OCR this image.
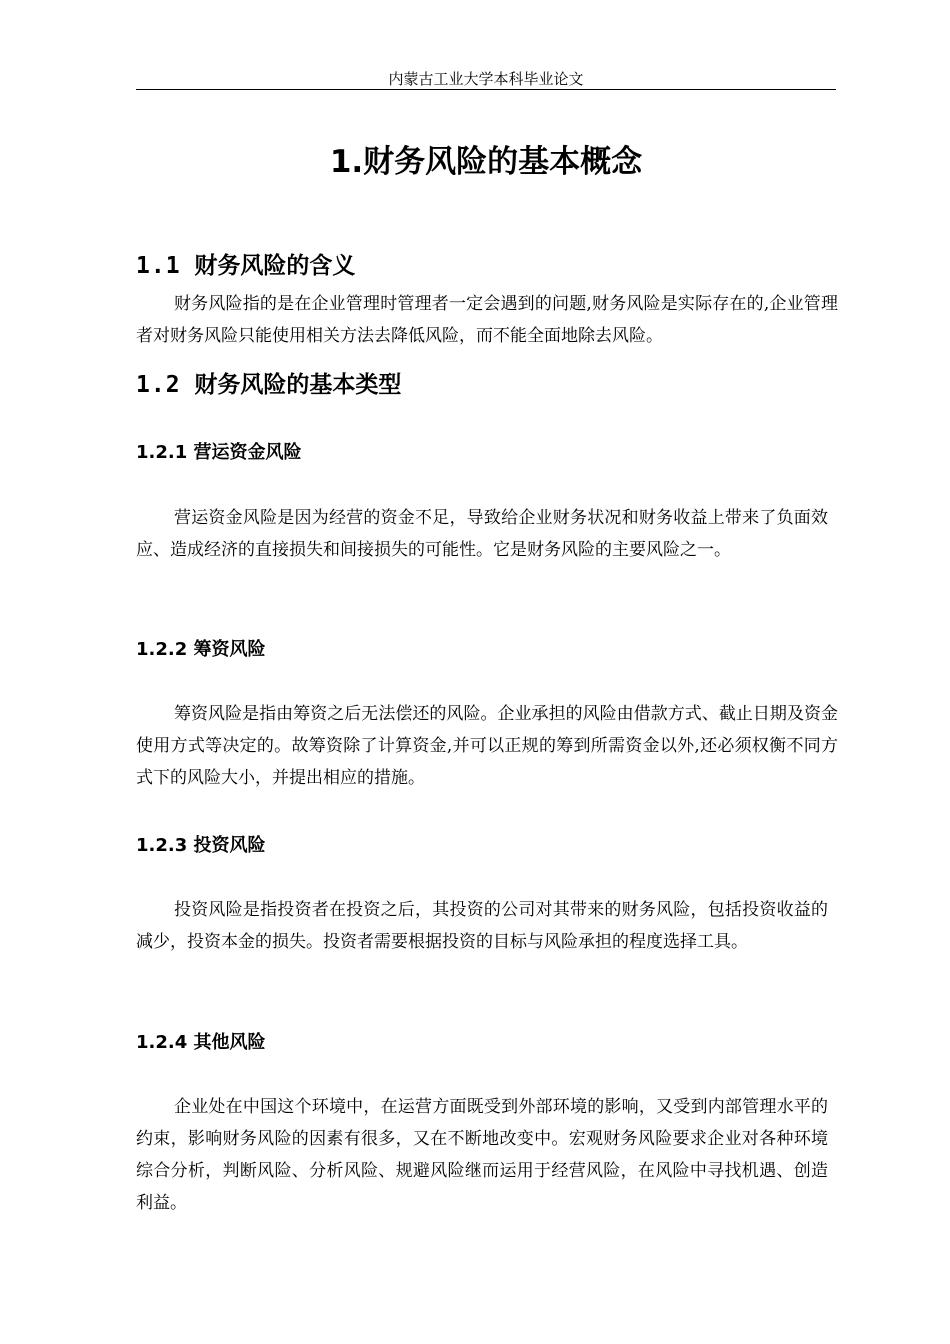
内蒙古工业大学本科毕业论文
1.财务风险的基本概念
1.1 财务风险的含义
财务风险指的是在企业管理时管理者一定会遇到的问题,财务风险是实际存在的,企业管理者对财务风险只能使用相关方法去降低风险，而不能全面地除去风险。
1.2 财务风险的基本类型
1.2.1 营运资金风险
营运资金风险是因为经营的资金不足，导致给企业财务状况和财务收益上带来了负面效应、造成经济的直接损失和间接损失的可能性。它是财务风险的主要风险之一。
1.2.2 筹资风险
筹资风险是指由筹资之后无法偿还的风险。企业承担的风险由借款方式、截止日期及资金使用方式等决定的。故筹资除了计算资金,并可以正规的筹到所需资金以外,还必须权衡不同方式下的风险大小，并提出相应的措施。
1.2.3 投资风险
投资风险是指投资者在投资之后，其投资的公司对其带来的财务风险，包括投资收益的减少，投资本金的损失。投资者需要根据投资的目标与风险承担的程度选择工具。
1.2.4 其他风险
企业处在中国这个环境中，在运营方面既受到外部环境的影响，又受到内部管理水平的约束，影响财务风险的因素有很多，又在不断地改变中。宏观财务风险要求企业对各种环境综合分析，判断风险、分析风险、规避风险继而运用于经营风险，在风险中寻找机遇、创造利益。
